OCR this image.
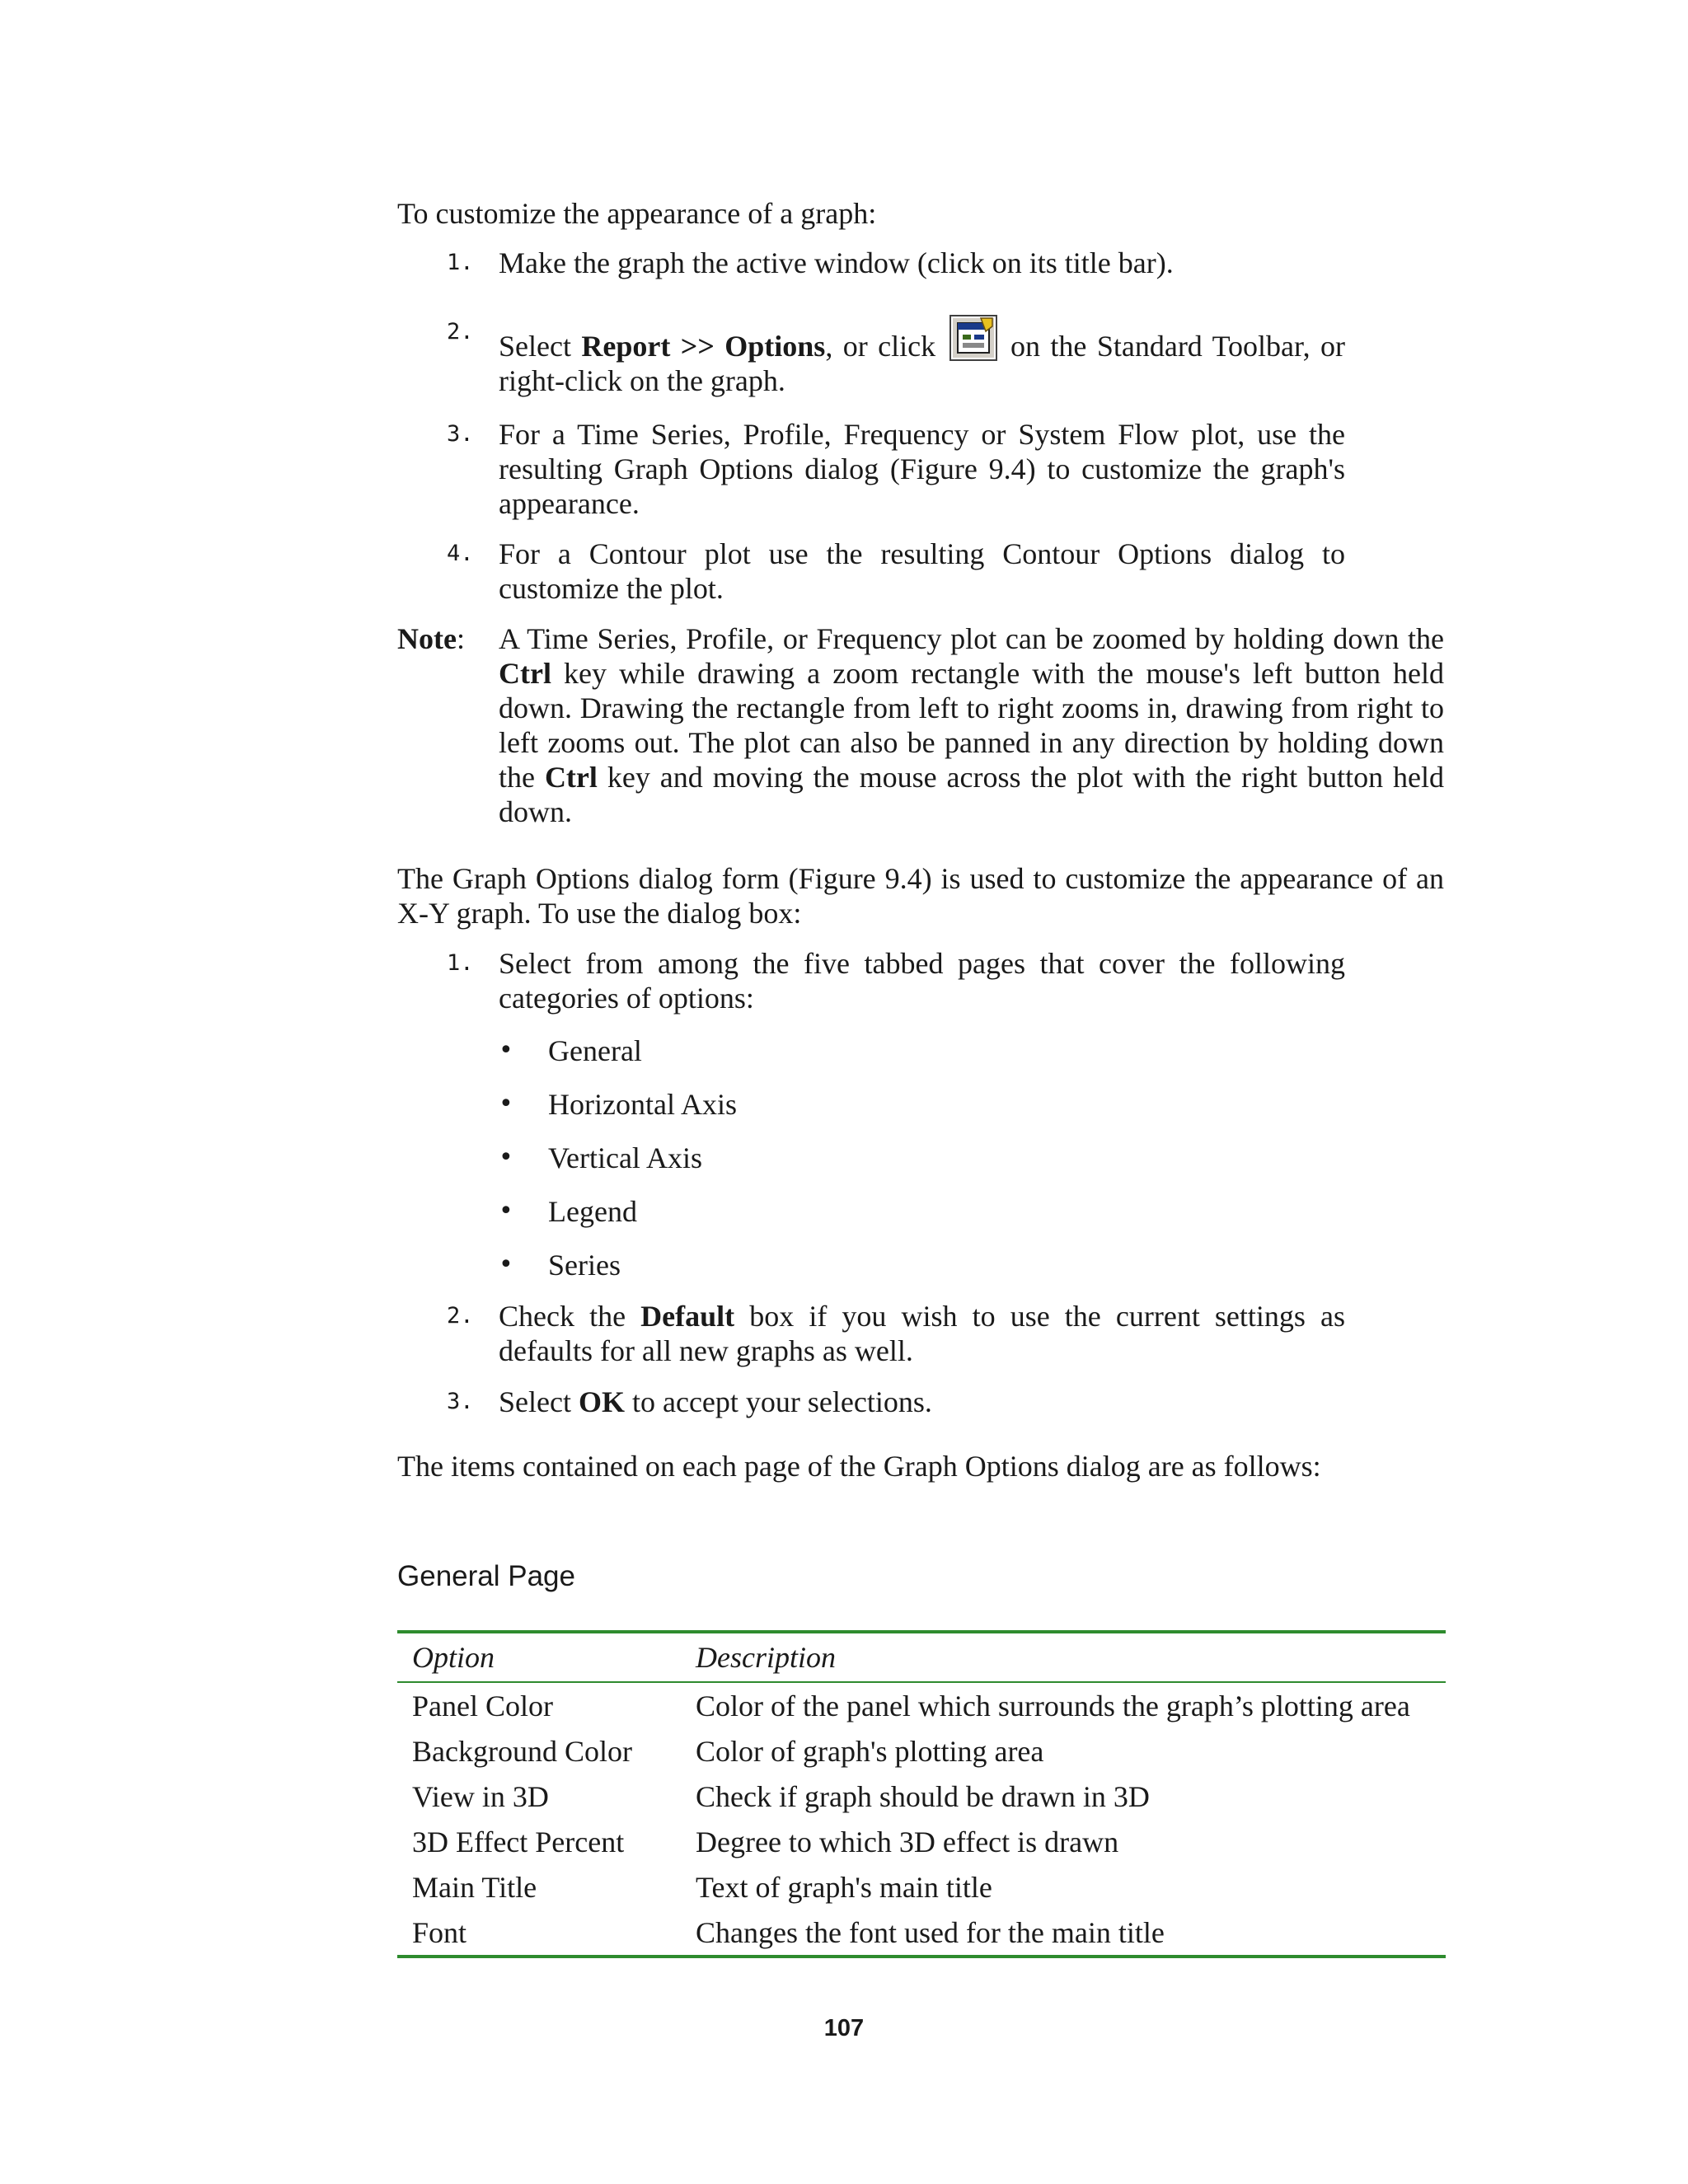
To customize the appearance of a graph:

1. Make the graph the active window (click on its title bar).
2. Select Report >> Options, or click  on the Standard Toolbar, or right-click on the graph.
3. For a Time Series, Profile, Frequency or System Flow plot, use the resulting Graph Options dialog (Figure 9.4) to customize the graph's appearance.
4. For a Contour plot use the resulting Contour Options dialog to customize the plot.
Note: A Time Series, Profile, or Frequency plot can be zoomed by holding down the Ctrl key while drawing a zoom rectangle with the mouse's left button held down. Drawing the rectangle from left to right zooms in, drawing from right to left zooms out. The plot can also be panned in any direction by holding down the Ctrl key and moving the mouse across the plot with the right button held down.

The Graph Options dialog form (Figure 9.4) is used to customize the appearance of an X-Y graph. To use the dialog box:

1. Select from among the five tabbed pages that cover the following categories of options:
• General
• Horizontal Axis
• Vertical Axis
• Legend
• Series
2. Check the Default box if you wish to use the current settings as defaults for all new graphs as well.
3. Select OK to accept your selections.

The items contained on each page of the Graph Options dialog are as follows:

General Page
Option	Description
Panel Color	Color of the panel which surrounds the graph’s plotting area
Background Color	Color of graph's plotting area
View in 3D	Check if graph should be drawn in 3D
3D Effect Percent	Degree to which 3D effect is drawn
Main Title	Text of graph's main title
Font	Changes the font used for the main title
107
